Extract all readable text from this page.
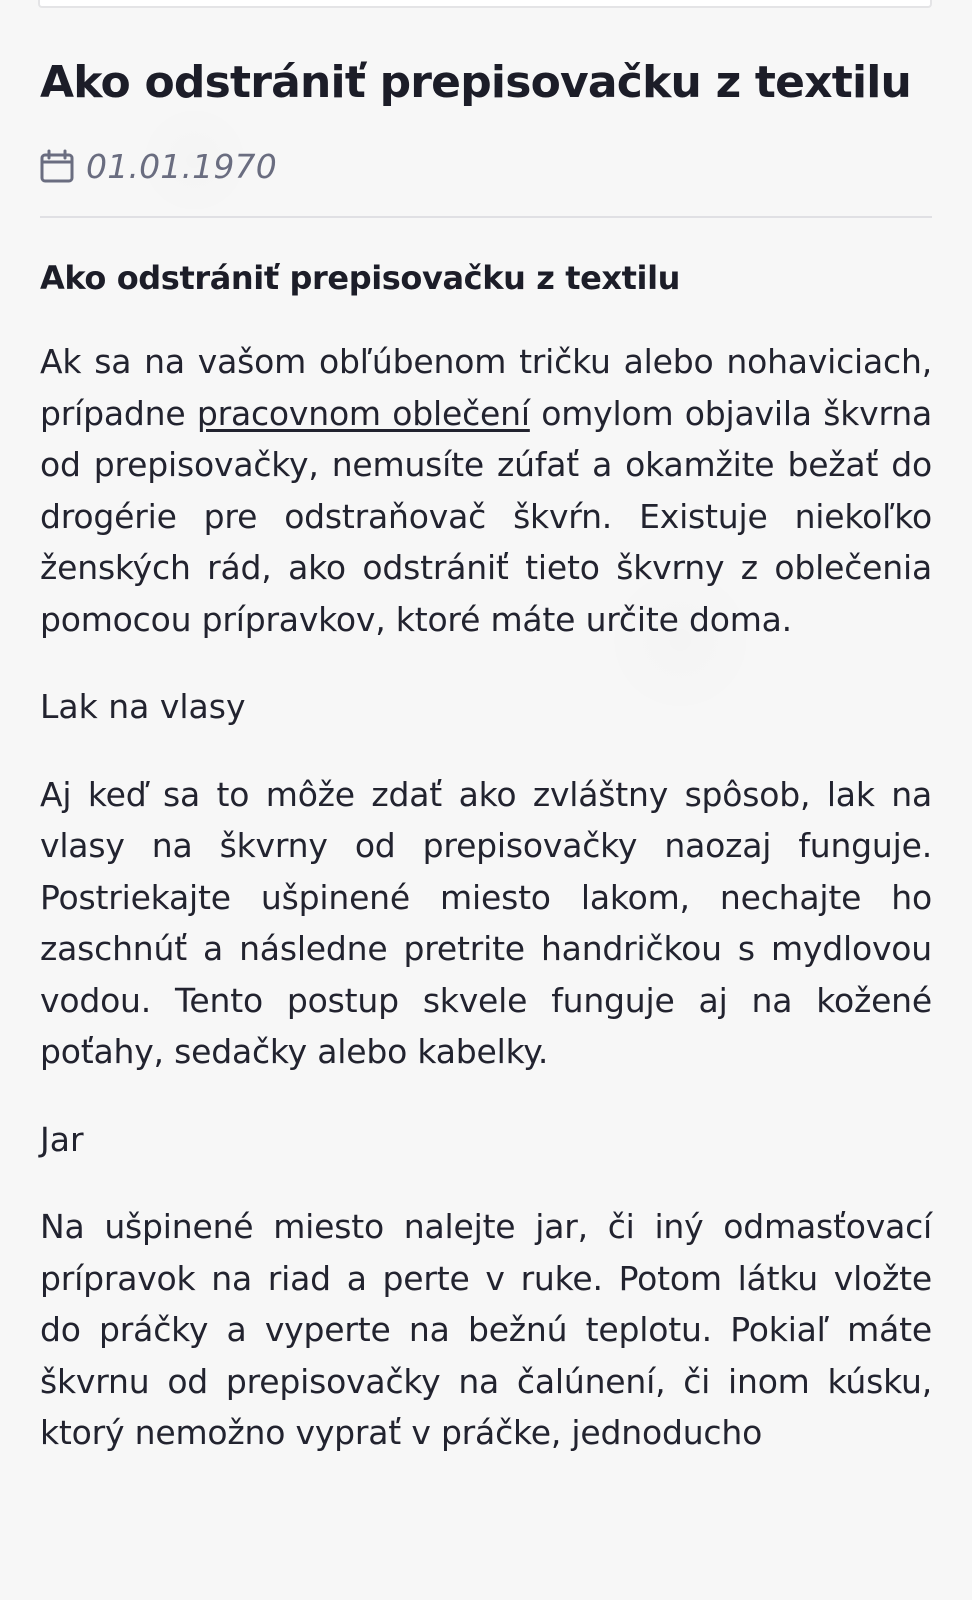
Ako odstrániť prepisovačku z textilu
01.01.1970
Ako odstrániť prepisovačku z textilu

Ak sa na vašom obľúbenom tričku alebo nohaviciach, prípadne pracovnom oblečení omylom objavila škvrna od prepisovačky, nemusíte zúfať a okamžite bežať do drogérie pre odstraňovač škvŕn. Existuje niekoľko ženských rád, ako odstrániť tieto škvrny z oblečenia pomocou prípravkov, ktoré máte určite doma.

Lak na vlasy

Aj keď sa to môže zdať ako zvláštny spôsob, lak na vlasy na škvrny od prepisovačky naozaj funguje. Postriekajte ušpinené miesto lakom, nechajte ho zaschnúť a následne pretrite handričkou s mydlovou vodou. Tento postup skvele funguje aj na kožené poťahy, sedačky alebo kabelky.

Jar

Na ušpinené miesto nalejte jar, či iný odmasťovací prípravok na riad a perte v ruke. Potom látku vložte do práčky a vyperte na bežnú teplotu. Pokiaľ máte škvrnu od prepisovačky na čalúnení, či inom kúsku, ktorý nemožno vyprať v práčke, jednoducho
